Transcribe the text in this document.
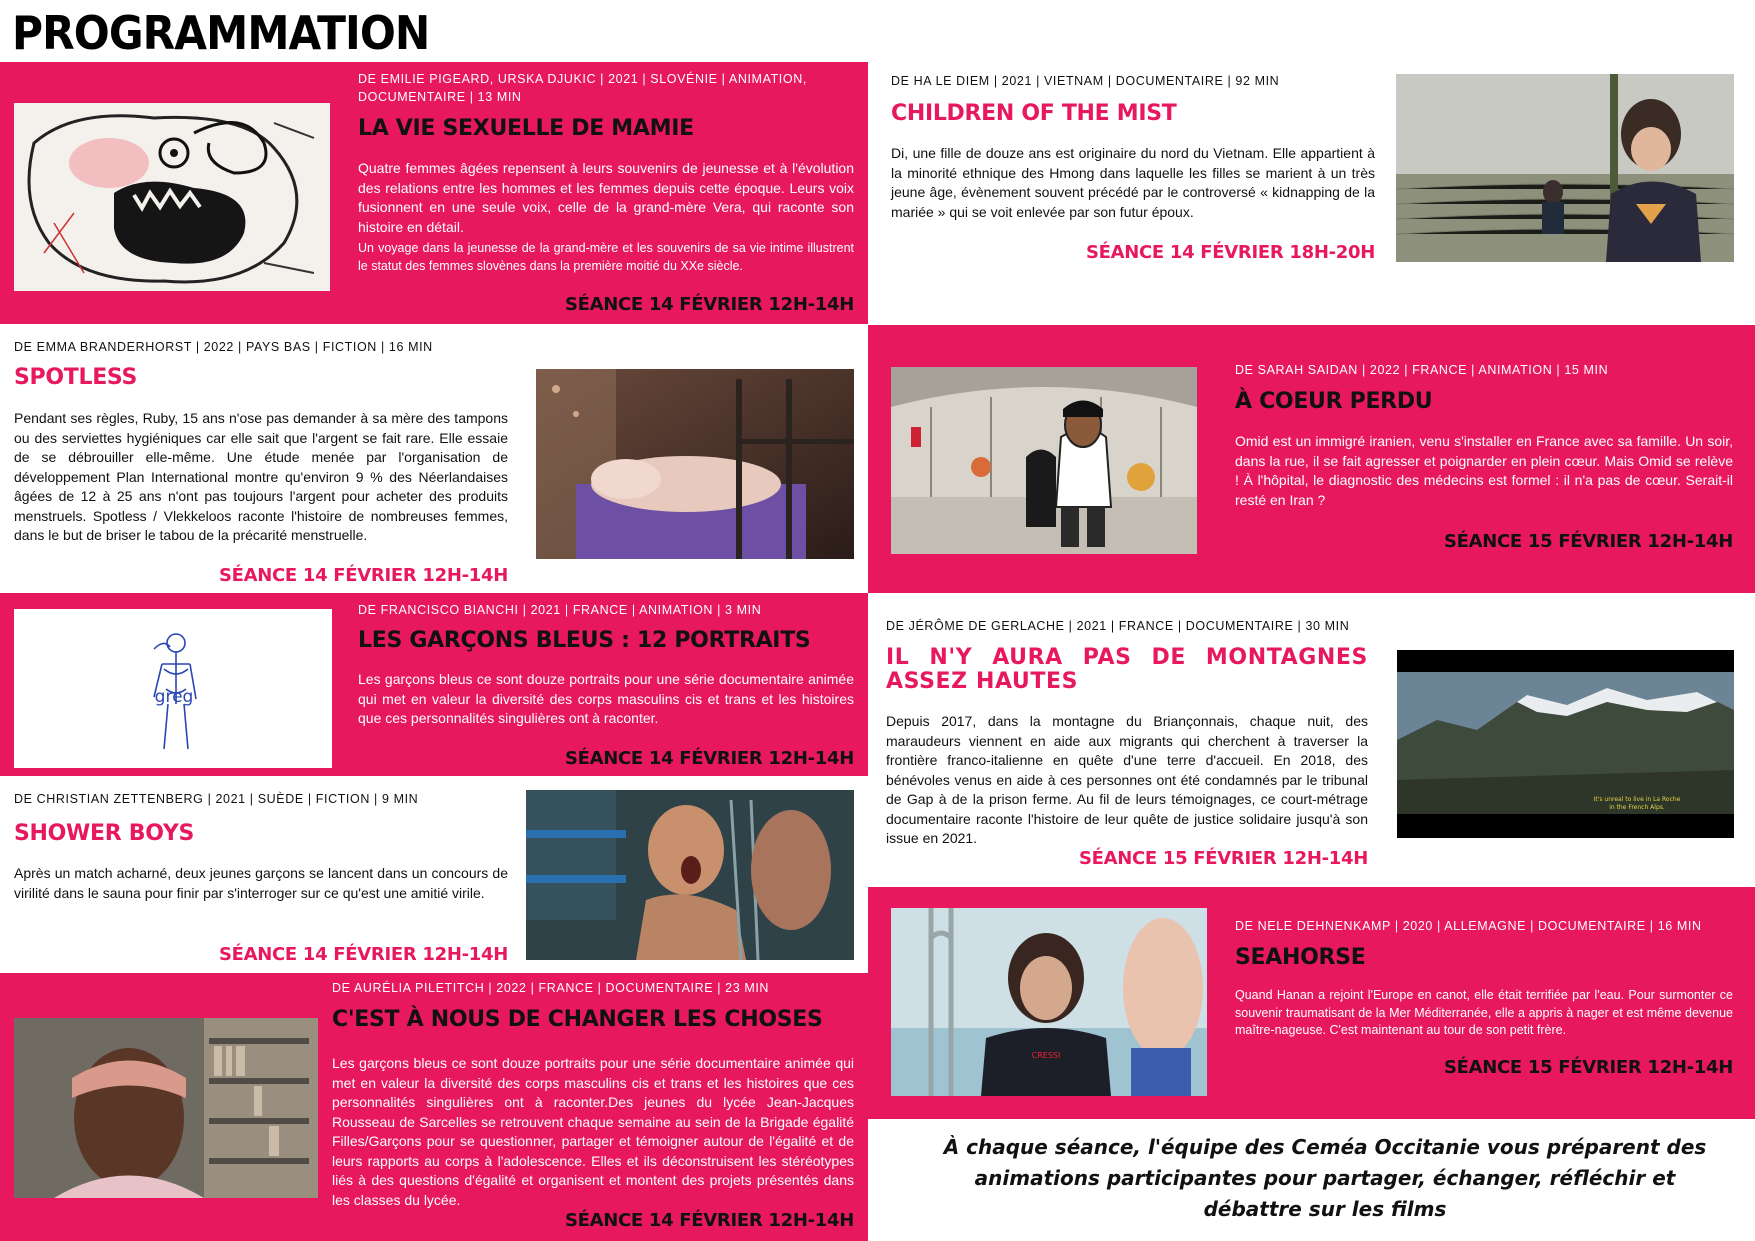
PROGRAMMATION
DE EMILIE PIGEARD, URSKA DJUKIC | 2021 | SLOVÉNIE | ANIMATION, DOCUMENTAIRE | 13 MIN
LA VIE SEXUELLE DE MAMIE
Quatre femmes âgées repensent à leurs souvenirs de jeunesse et à l'évolution des relations entre les hommes et les femmes depuis cette époque. Leurs voix fusionnent en une seule voix, celle de la grand-mère Vera, qui raconte son histoire en détail.
Un voyage dans la jeunesse de la grand-mère et les souvenirs de sa vie intime illustrent le statut des femmes slovènes dans la première moitié du XXe siècle.
SÉANCE 14 FÉVRIER 12H-14H
DE EMMA BRANDERHORST | 2022 | PAYS BAS | FICTION | 16 MIN
SPOTLESS
Pendant ses règles, Ruby, 15 ans n'ose pas demander à sa mère des tampons ou des serviettes hygiéniques car elle sait que l'argent se fait rare. Elle essaie de se débrouiller elle-même. Une étude menée par l'organisation de développement Plan International montre qu'environ 9 % des Néerlandaises âgées de 12 à 25 ans n'ont pas toujours l'argent pour acheter des produits menstruels. Spotless / Vlekkeloos raconte l'histoire de nombreuses femmes, dans le but de briser le tabou de la précarité menstruelle.
SÉANCE 14 FÉVRIER 12H-14H
greg
DE FRANCISCO BIANCHI | 2021 | FRANCE | ANIMATION | 3 MIN
LES GARÇONS BLEUS : 12 PORTRAITS
Les garçons bleus ce sont douze portraits pour une série documentaire animée qui met en valeur la diversité des corps masculins cis et trans et les histoires que ces personnalités singulières ont à raconter.
SÉANCE 14 FÉVRIER 12H-14H
DE CHRISTIAN ZETTENBERG | 2021 | SUÈDE | FICTION | 9 MIN
SHOWER BOYS
Après un match acharné, deux jeunes garçons se lancent dans un concours de virilité dans le sauna pour finir par s'interroger sur ce qu'est une amitié virile.
SÉANCE 14 FÉVRIER 12H-14H
DE AURÉLIA PILETITCH | 2022 | FRANCE | DOCUMENTAIRE | 23 MIN
C'EST À NOUS DE CHANGER LES CHOSES
Les garçons bleus ce sont douze portraits pour une série documentaire animée qui met en valeur la diversité des corps masculins cis et trans et les histoires que ces personnalités singulières ont à raconter.Des jeunes du lycée Jean-Jacques Rousseau de Sarcelles se retrouvent chaque semaine au sein de la Brigade égalité Filles/Garçons pour se questionner, partager et témoigner autour de l'égalité et de leurs rapports au corps à l'adolescence. Elles et ils déconstruisent les stéréotypes liés à des questions d'égalité et organisent et montent des projets présentés dans les classes du lycée.
SÉANCE 14 FÉVRIER 12H-14H
DE HA LE DIEM | 2021 | VIETNAM | DOCUMENTAIRE | 92 MIN
CHILDREN OF THE MIST
Di, une fille de douze ans est originaire du nord du Vietnam. Elle appartient à la minorité ethnique des Hmong dans laquelle les filles se marient à un très jeune âge, évènement souvent précédé par le controversé « kidnapping de la mariée » qui se voit enlevée par son futur époux.
SÉANCE 14 FÉVRIER 18H-20H
DE SARAH SAIDAN | 2022 | FRANCE | ANIMATION | 15 MIN
À COEUR PERDU
Omid est un immigré iranien, venu s'installer en France avec sa famille. Un soir, dans la rue, il se fait agresser et poignarder en plein cœur. Mais Omid se relève ! À l'hôpital, le diagnostic des médecins est formel : il n'a pas de cœur. Serait-il resté en Iran ?
SÉANCE 15 FÉVRIER 12H-14H
DE JÉRÔME DE GERLACHE | 2021 | FRANCE | DOCUMENTAIRE | 30 MIN
IL N'Y AURA PAS DE MONTAGNES ASSEZ HAUTES
Depuis 2017, dans la montagne du Briançonnais, chaque nuit, des maraudeurs viennent en aide aux migrants qui cherchent à traverser la frontière franco-italienne en quête d'une terre d'accueil. En 2018, des bénévoles venus en aide à ces personnes ont été condamnés par le tribunal de Gap à de la prison ferme. Au fil de leurs témoignages, ce court-métrage documentaire raconte l'histoire de leur quête de justice solidaire jusqu'à son issue en 2021.
SÉANCE 15 FÉVRIER 12H-14H
It's unreal to live in La Roche
in the French Alps.
CRESSI
DE NELE DEHNENKAMP | 2020 | ALLEMAGNE | DOCUMENTAIRE | 16 MIN
SEAHORSE
Quand Hanan a rejoint l'Europe en canot, elle était terrifiée par l'eau. Pour surmonter ce souvenir traumatisant de la Mer Méditerranée, elle a appris à nager et est même devenue maître-nageuse. C'est maintenant au tour de son petit frère.
SÉANCE 15 FÉVRIER 12H-14H
À chaque séance, l'équipe des Ceméa Occitanie vous préparent des animations participantes pour partager, échanger, réfléchir et débattre sur les films
